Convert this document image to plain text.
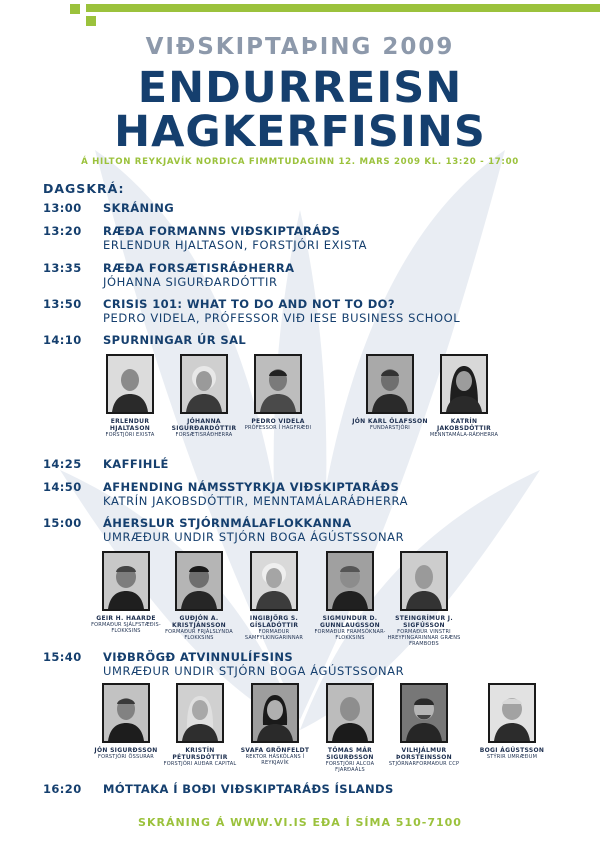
VIÐSKIPTAÞING 2009
ENDURREISN
HAGKERFISINS
Á HILTON REYKJAVÍK NORDICA FIMMTUDAGINN 12. MARS 2009 KL. 13:20 - 17:00
DAGSKRÁ:
13:00 SKRÁNING
13:20 RÆÐA FORMANNS VIÐSKIPTARÁÐS
ERLENDUR HJALTASON, FORSTJÓRI EXISTA
13:35 RÆÐA FORSÆTISRÁÐHERRA
JÓHANNA SIGURÐARDÓTTIR
13:50 CRISIS 101: WHAT TO DO AND NOT TO DO?
PEDRO VIDELA, PRÓFESSOR VIÐ IESE BUSINESS SCHOOL
14:10 SPURNINGAR ÚR SAL
ERLENDUR HJALTASON
FORSTJÓRI EXISTA
JÓHANNA SIGURÐARDÓTTIR
FORSÆTISRÁÐHERRA
PEDRO VIDELA
PRÓFESSOR Í HAGFRÆÐI
JÓN KARL ÓLAFSSON
FUNDARSTJÓRI
KATRÍN JAKOBSDÓTTIR
MENNTAMÁLA-RÁÐHERRA
14:25 KAFFIHLÉ
14:50 AFHENDING NÁMSSTYRKJA VIÐSKIPTARÁÐS
KATRÍN JAKOBSDÓTTIR, MENNTAMÁLARÁÐHERRA
15:00 ÁHERSLUR STJÓRNMÁLAFLOKKANNA
UMRÆÐUR UNDIR STJÓRN BOGA ÁGÚSTSSONAR
GEIR H. HAARDE
FORMAÐUR SJÁLFSTÆÐIS-FLOKKSINS
GUÐJÓN A. KRISTJÁNSSON
FORMAÐUR FRJÁLSLYNDA FLOKKSINS
INGIBJÖRG S. GÍSLADÓTTIR
FORMAÐUR SAMFYLKINGARINNAR
SIGMUNDUR D. GUNNLAUGSSON
FORMAÐUR FRAMSÓKNAR-FLOKKSINS
STEINGRÍMUR J. SIGFÚSSON
FORMAÐUR VINSTRI HREYFINGARINNAR GRÆNS FRAMBOÐS
15:40 VIÐBRÖGÐ ATVINNULÍFSINS
UMRÆÐUR UNDIR STJÓRN BOGA ÁGÚSTSSONAR
JÓN SIGURÐSSON
FORSTJÓRI ÖSSURAR
KRISTÍN PÉTURSDÓTTIR
FORSTJÓRI AUÐAR CAPITAL
SVAFA GRÖNFELDT
REKTOR HÁSKÓLANS Í REYKJAVÍK
TÓMAS MÁR SIGURÐSSON
FORSTJÓRI ALCOA FJARÐAÁLS
VILHJÁLMUR ÞORSTEINSSON
STJÓRNARFORMAÐUR CCP
BOGI ÁGÚSTSSON
STÝRIR UMRÆÐUM
16:20 MÓTTAKA Í BOÐI VIÐSKIPTARÁÐS ÍSLANDS
SKRÁNING Á WWW.VI.IS EÐA Í SÍMA 510-7100
